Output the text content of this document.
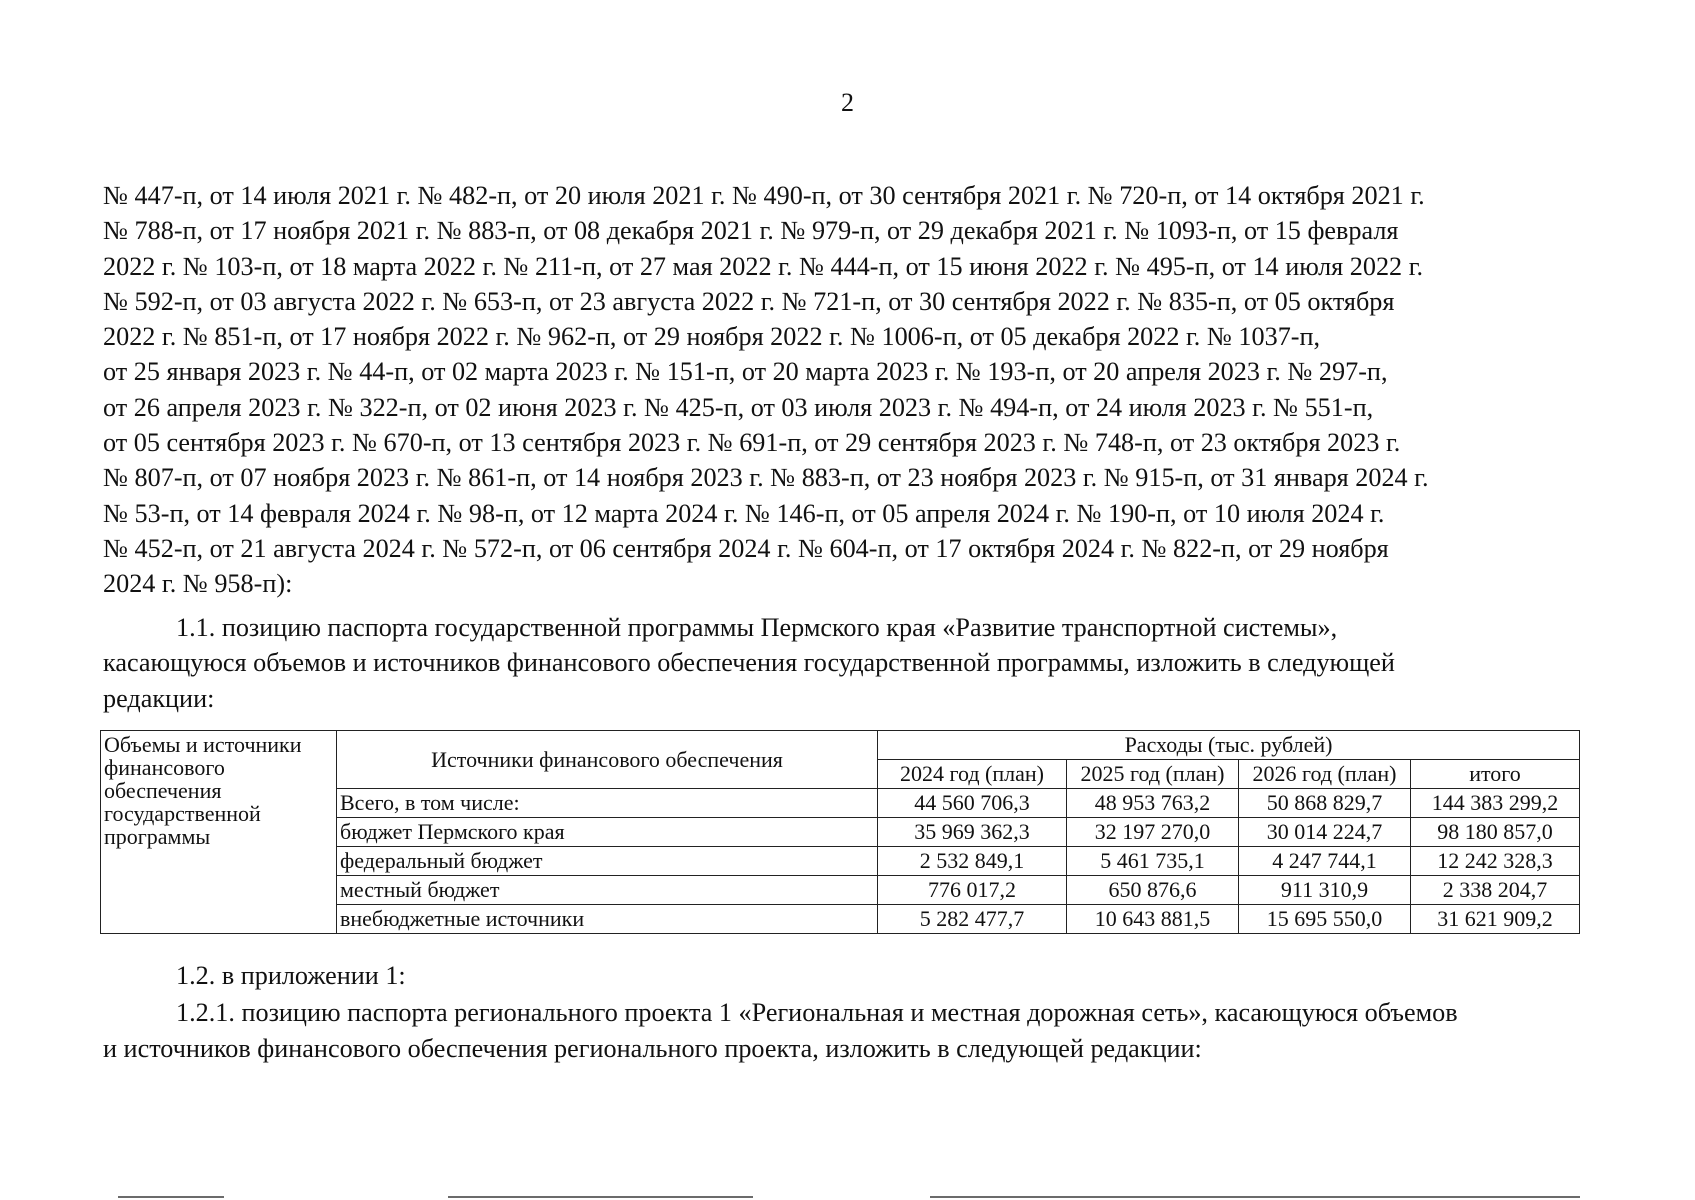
2
№ 447-п, от 14 июля 2021 г. № 482-п, от 20 июля 2021 г. № 490-п, от 30 сентября 2021 г. № 720-п, от 14 октября 2021 г.
№ 788-п, от 17 ноября 2021 г. № 883-п, от 08 декабря 2021 г. № 979-п, от 29 декабря 2021 г. № 1093-п, от 15 февраля
2022 г. № 103-п, от 18 марта 2022 г. № 211-п, от 27 мая 2022 г. № 444-п, от 15 июня 2022 г. № 495-п, от 14 июля 2022 г.
№ 592-п, от 03 августа 2022 г. № 653-п, от 23 августа 2022 г. № 721-п, от 30 сентября 2022 г. № 835-п, от 05 октября
2022 г. № 851-п, от 17 ноября 2022 г. № 962-п, от 29 ноября 2022 г. № 1006-п, от 05 декабря 2022 г. № 1037-п,
от 25 января 2023 г. № 44-п, от 02 марта 2023 г. № 151-п, от 20 марта 2023 г. № 193-п, от 20 апреля 2023 г. № 297-п,
от 26 апреля 2023 г. № 322-п, от 02 июня 2023 г. № 425-п, от 03 июля 2023 г. № 494-п, от 24 июля 2023 г. № 551-п,
от 05 сентября 2023 г. № 670-п, от 13 сентября 2023 г. № 691-п, от 29 сентября 2023 г. № 748-п, от 23 октября 2023 г.
№ 807-п, от 07 ноября 2023 г. № 861-п, от 14 ноября 2023 г. № 883-п, от 23 ноября 2023 г. № 915-п, от 31 января 2024 г.
№ 53-п, от 14 февраля 2024 г. № 98-п, от 12 марта 2024 г. № 146-п, от 05 апреля 2024 г. № 190-п, от 10 июля 2024 г.
№ 452-п, от 21 августа 2024 г. № 572-п, от 06 сентября 2024 г. № 604-п, от 17 октября 2024 г. № 822-п, от 29 ноября
2024 г. № 958-п):
1.1. позицию паспорта государственной программы Пермского края «Развитие транспортной системы»,
касающуюся объемов и источников финансового обеспечения государственной программы, изложить в следующей
редакции:
Объемы и источники финансового обеспечения государственной программы	Источники финансового обеспечения	Расходы (тыс. рублей)			
		2024 год (план)	2025 год (план)	2026 год (план)	итого
	Всего, в том числе:	44 560 706,3	48 953 763,2	50 868 829,7	144 383 299,2
	бюджет Пермского края	35 969 362,3	32 197 270,0	30 014 224,7	98 180 857,0
	федеральный бюджет	2 532 849,1	5 461 735,1	4 247 744,1	12 242 328,3
	местный бюджет	776 017,2	650 876,6	911 310,9	2 338 204,7
	внебюджетные источники	5 282 477,7	10 643 881,5	15 695 550,0	31 621 909,2
1.2. в приложении 1:
1.2.1. позицию паспорта регионального проекта 1 «Региональная и местная дорожная сеть», касающуюся объемов
и источников финансового обеспечения регионального проекта, изложить в следующей редакции:
